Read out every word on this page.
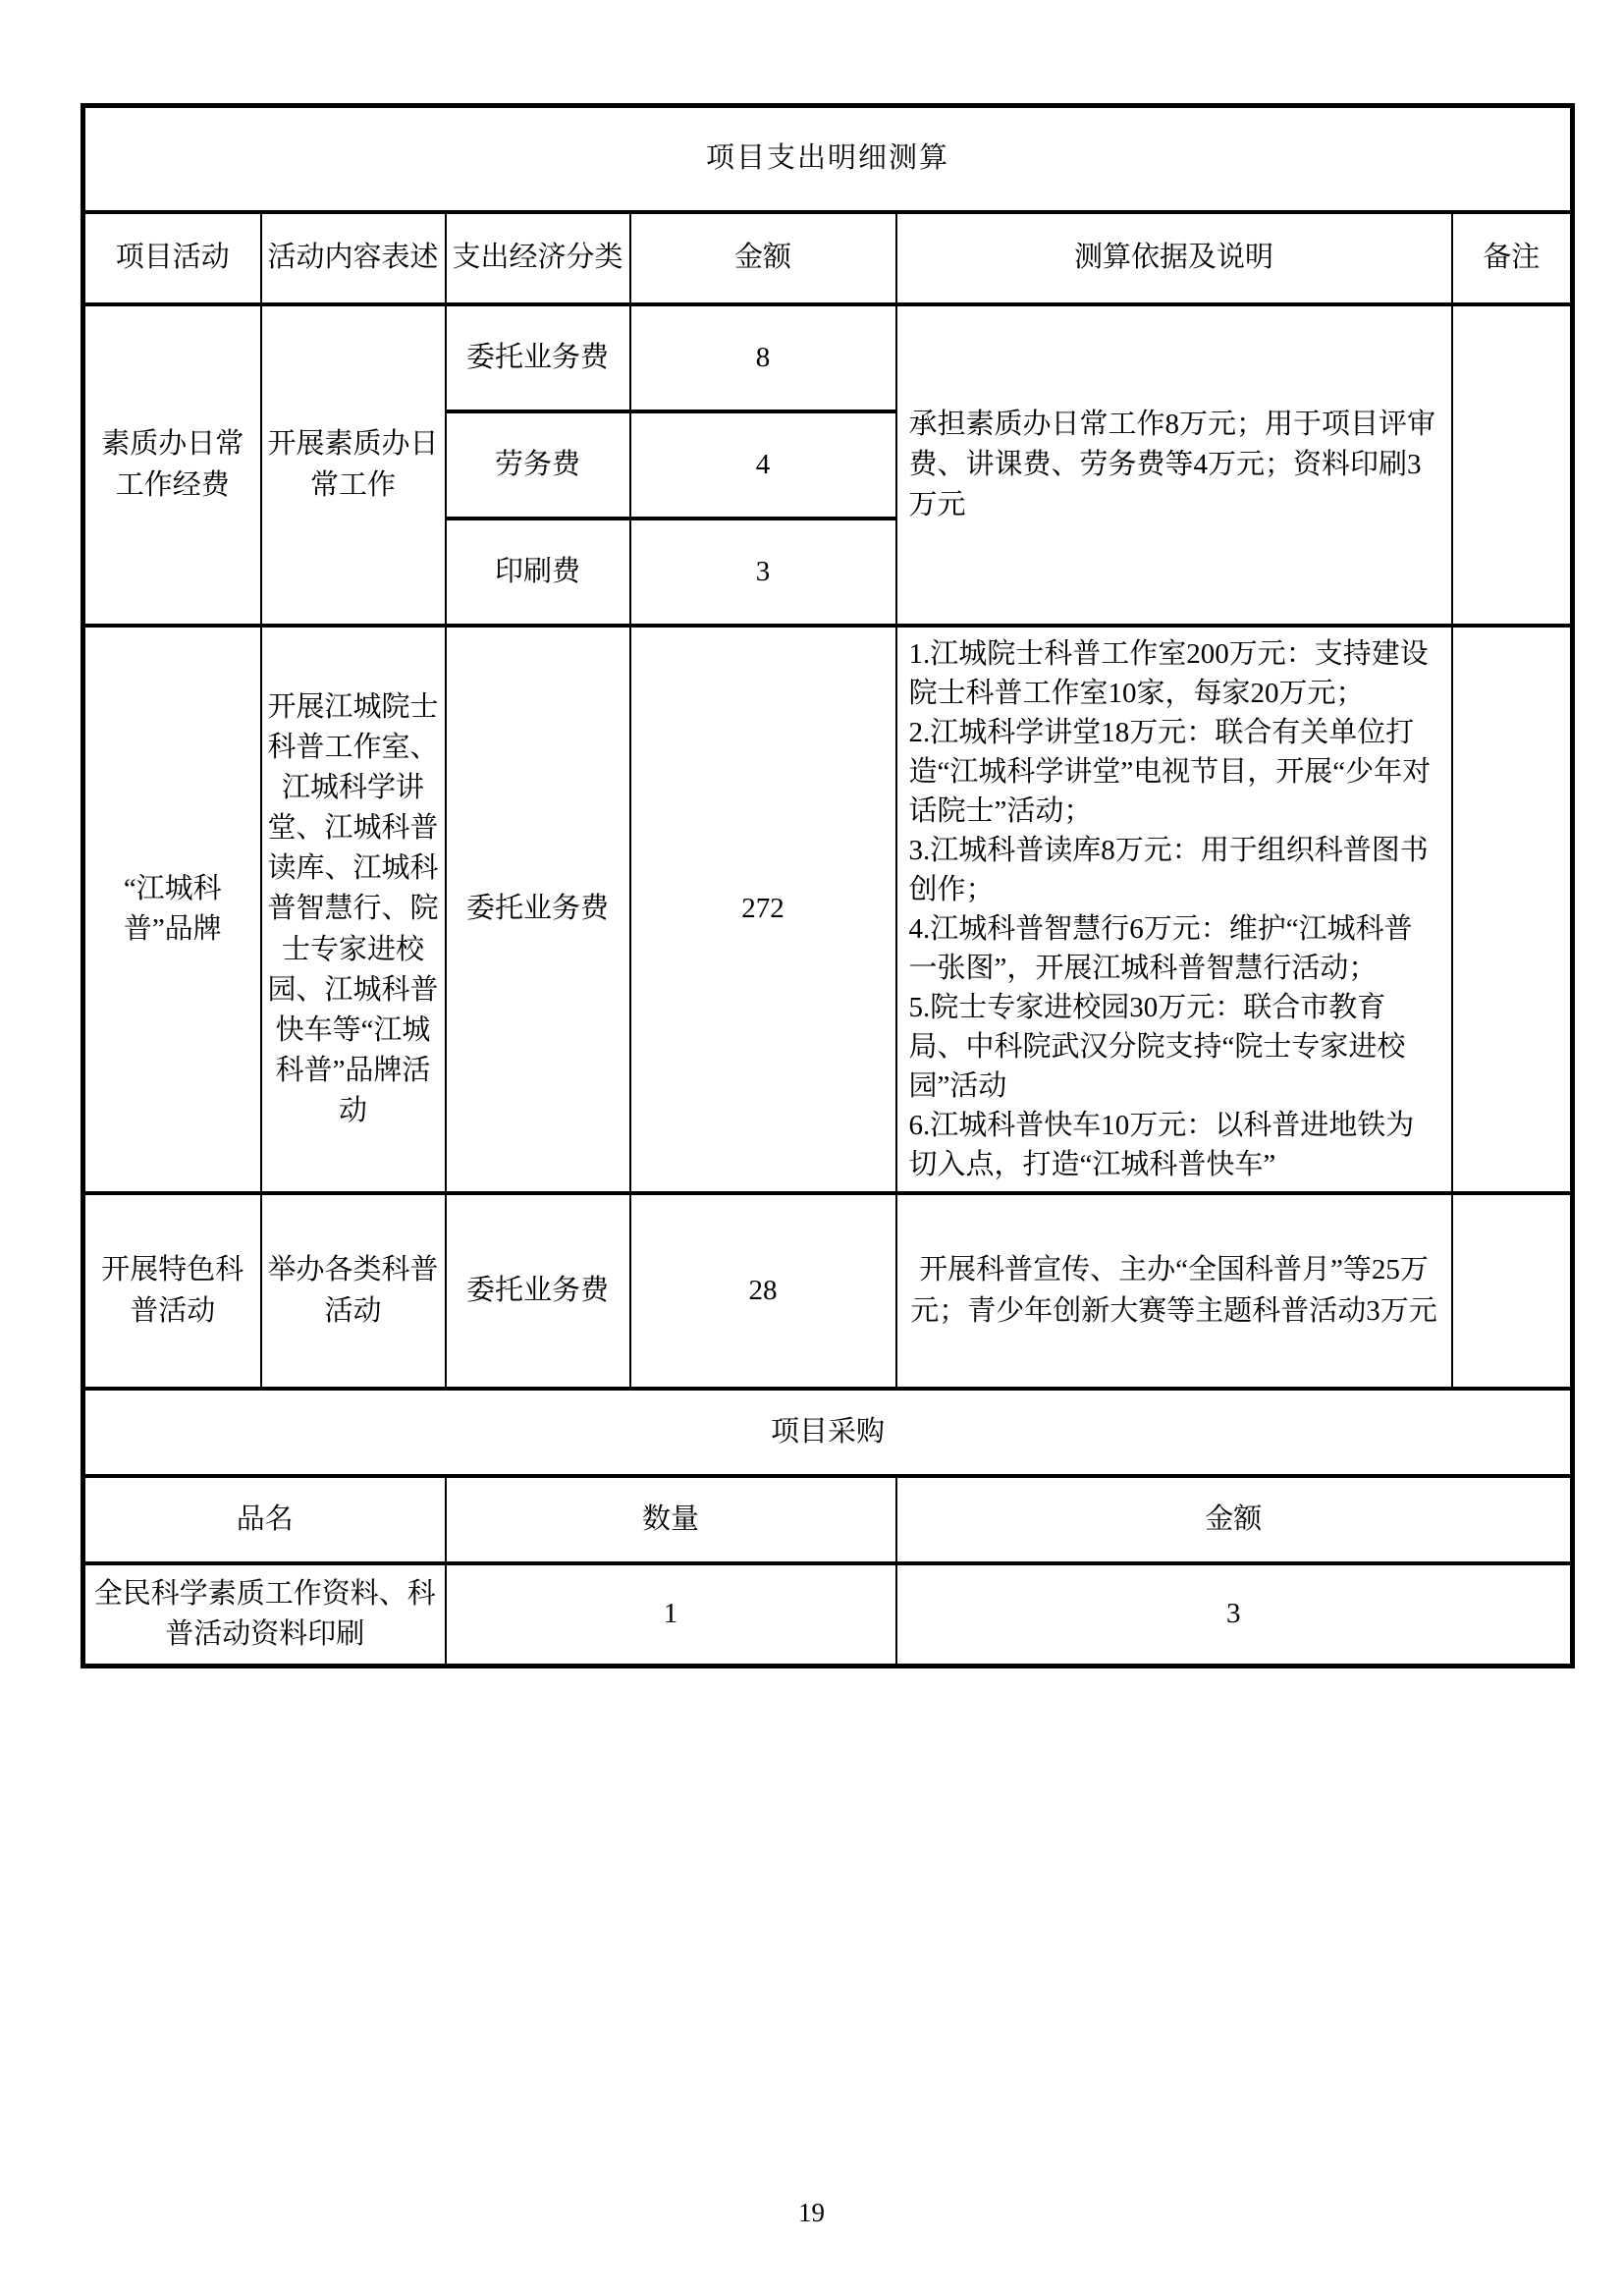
项目支出明细测算					
项目活动	活动内容表述	支出经济分类	金额	测算依据及说明	备注
素质办日常工作经费	开展素质办日常工作	委托业务费	8	承担素质办日常工作8万元；用于项目评审费、讲课费、劳务费等4万元；资料印刷3万元	
		劳务费	4		
		印刷费	3		
“江城科普”品牌	开展江城院士科普工作室、江城科学讲堂、江城科普读库、江城科普智慧行、院士专家进校园、江城科普快车等“江城科普”品牌活动	委托业务费	272	1.江城院士科普工作室200万元：支持建设院士科普工作室10家，每家20万元；
2.江城科学讲堂18万元：联合有关单位打造“江城科学讲堂”电视节目，开展“少年对话院士”活动；
3.江城科普读库8万元：用于组织科普图书创作；
4.江城科普智慧行6万元：维护“江城科普一张图”，开展江城科普智慧行活动；
5.院士专家进校园30万元：联合市教育局、中科院武汉分院支持“院士专家进校园”活动
6.江城科普快车10万元：以科普进地铁为切入点，打造“江城科普快车”	
开展特色科普活动	举办各类科普活动	委托业务费	28	开展科普宣传、主办“全国科普月”等25万元；青少年创新大赛等主题科普活动3万元	
项目采购					
品名		数量		金额	
全民科学素质工作资料、科普活动资料印刷		1		3	
19
